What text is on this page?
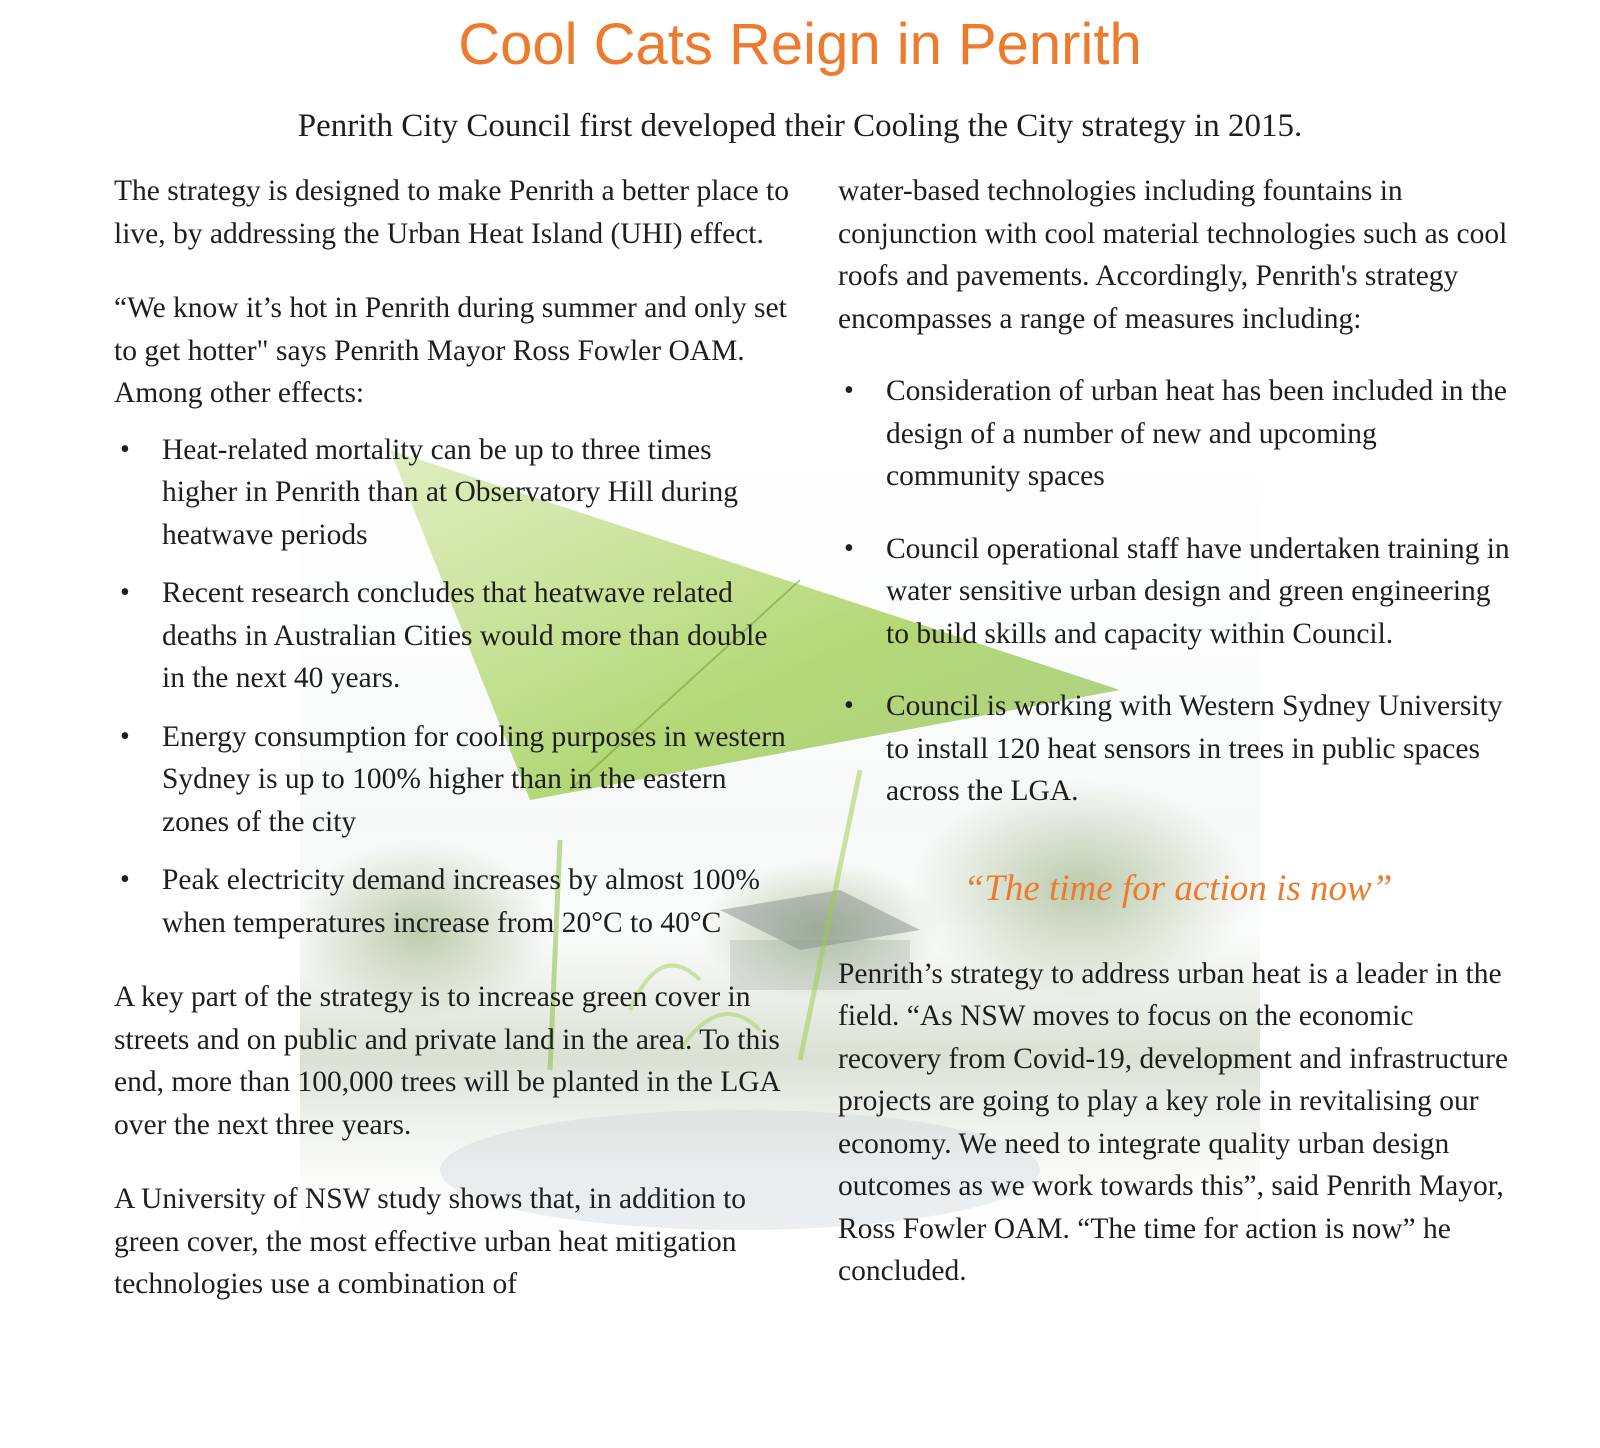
Cool Cats Reign in Penrith
Penrith City Council first developed their Cooling the City strategy in 2015.

The strategy is designed to make Penrith a better place to live, by addressing the Urban Heat Island (UHI) effect.

“We know it’s hot in Penrith during summer and only set to get hotter" says Penrith Mayor Ross Fowler OAM. Among other effects:

• Heat-related mortality can be up to three times higher in Penrith than at Observatory Hill during heatwave periods
• Recent research concludes that heatwave related deaths in Australian Cities would more than double in the next 40 years.
• Energy consumption for cooling purposes in western Sydney is up to 100% higher than in the eastern zones of the city
• Peak electricity demand increases by almost 100% when temperatures increase from 20°C to 40°C

A key part of the strategy is to increase green cover in streets and on public and private land in the area. To this end, more than 100,000 trees will be planted in the LGA over the next three years.

A University of NSW study shows that, in addition to green cover, the most effective urban heat mitigation technologies use a combination of

water-based technologies including fountains in conjunction with cool material technologies such as cool roofs and pavements. Accordingly, Penrith's strategy encompasses a range of measures including:

• Consideration of urban heat has been included in the design of a number of new and upcoming community spaces
• Council operational staff have undertaken training in water sensitive urban design and green engineering to build skills and capacity within Council.
• Council is working with Western Sydney University to install 120 heat sensors in trees in public spaces across the LGA.

“The time for action is now”

Penrith’s strategy to address urban heat is a leader in the field. “As NSW moves to focus on the economic recovery from Covid-19, development and infrastructure projects are going to play a key role in revitalising our economy. We need to integrate quality urban design outcomes as we work towards this”, said Penrith Mayor, Ross Fowler OAM. “The time for action is now” he concluded.
